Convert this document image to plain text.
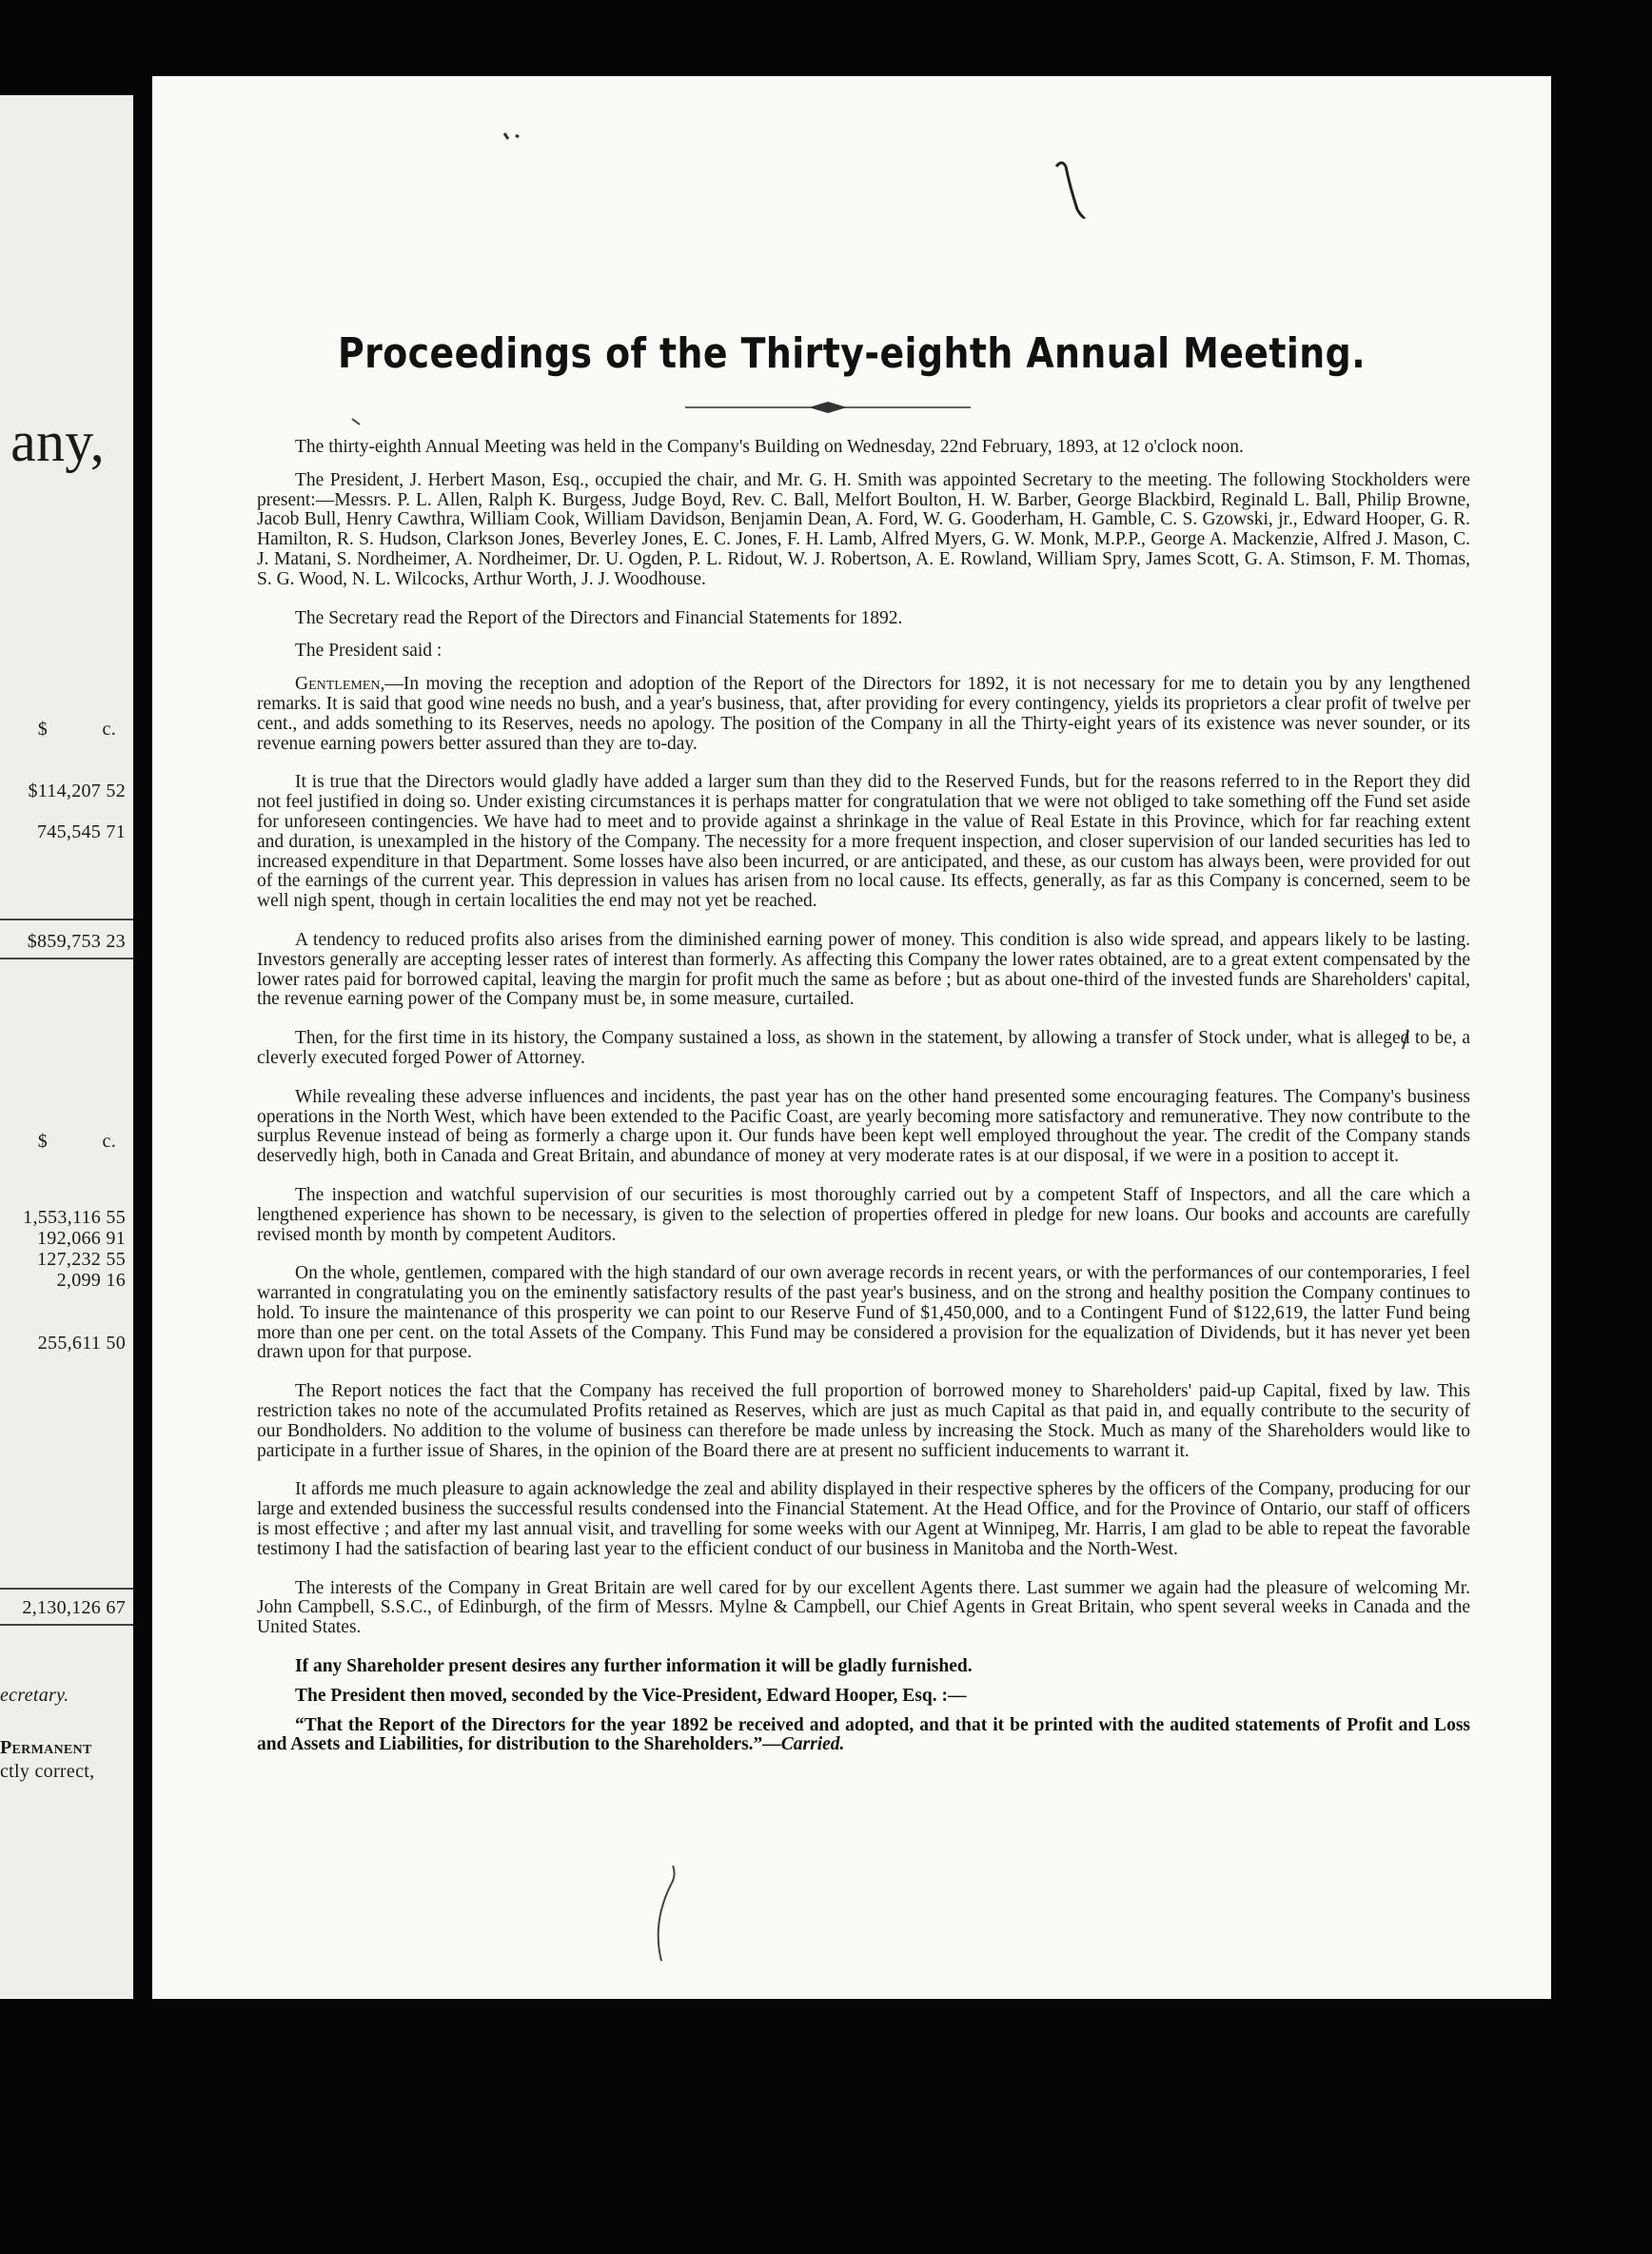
any,
$	c.
$114,207 52
745,545 71
$859,753 23
$	c.
1,553,116 55
192,066 91
127,232 55
2,099 16
255,611 50
2,130,126 67
ecretary.
Permanent
ctly correct,
Proceedings of the Thirty-eighth Annual Meeting.

The thirty-eighth Annual Meeting was held in the Company's Building on Wednesday, 22nd February, 1893, at 12 o'clock noon.

The President, J. Herbert Mason, Esq., occupied the chair, and Mr. G. H. Smith was appointed Secretary to the meeting. The following Stockholders were present:—Messrs. P. L. Allen, Ralph K. Burgess, Judge Boyd, Rev. C. Ball, Melfort Boulton, H. W. Barber, George Blackbird, Reginald L. Ball, Philip Browne, Jacob Bull, Henry Cawthra, William Cook, William Davidson, Benjamin Dean, A. Ford, W. G. Gooderham, H. Gamble, C. S. Gzowski, jr., Edward Hooper, G. R. Hamilton, R. S. Hudson, Clarkson Jones, Beverley Jones, E. C. Jones, F. H. Lamb, Alfred Myers, G. W. Monk, M.P.P., George A. Mackenzie, Alfred J. Mason, C. J. Matani, S. Nordheimer, A. Nordheimer, Dr. U. Ogden, P. L. Ridout, W. J. Robertson, A. E. Rowland, William Spry, James Scott, G. A. Stimson, F. M. Thomas, S. G. Wood, N. L. Wilcocks, Arthur Worth, J. J. Woodhouse.

The Secretary read the Report of the Directors and Financial Statements for 1892.

The President said :

Gentlemen,—In moving the reception and adoption of the Report of the Directors for 1892, it is not necessary for me to detain you by any lengthened remarks. It is said that good wine needs no bush, and a year's business, that, after providing for every contingency, yields its proprietors a clear profit of twelve per cent., and adds something to its Reserves, needs no apology. The position of the Company in all the Thirty-eight years of its existence was never sounder, or its revenue earning powers better assured than they are to-day.

It is true that the Directors would gladly have added a larger sum than they did to the Reserved Funds, but for the reasons referred to in the Report they did not feel justified in doing so. Under existing circumstances it is perhaps matter for congratulation that we were not obliged to take something off the Fund set aside for unforeseen contingencies. We have had to meet and to provide against a shrinkage in the value of Real Estate in this Province, which for far reaching extent and duration, is unexampled in the history of the Company. The necessity for a more frequent inspection, and closer supervision of our landed securities has led to increased expenditure in that Department. Some losses have also been incurred, or are anticipated, and these, as our custom has always been, were provided for out of the earnings of the current year. This depression in values has arisen from no local cause. Its effects, generally, as far as this Company is concerned, seem to be well nigh spent, though in certain localities the end may not yet be reached.

A tendency to reduced profits also arises from the diminished earning power of money. This condition is also wide spread, and appears likely to be lasting. Investors generally are accepting lesser rates of interest than formerly. As affecting this Company the lower rates obtained, are to a great extent compensated by the lower rates paid for borrowed capital, leaving the margin for profit much the same as before ; but as about one-third of the invested funds are Shareholders' capital, the revenue earning power of the Company must be, in some measure, curtailed.

Then, for the first time in its history, the Company sustained a loss, as shown in the statement, by allowing a transfer of Stock under, what is alleged to be, a cleverly executed forged Power of Attorney.

While revealing these adverse influences and incidents, the past year has on the other hand presented some encouraging features. The Company's business operations in the North West, which have been extended to the Pacific Coast, are yearly becoming more satisfactory and remunerative. They now contribute to the surplus Revenue instead of being as formerly a charge upon it. Our funds have been kept well employed throughout the year. The credit of the Company stands deservedly high, both in Canada and Great Britain, and abundance of money at very moderate rates is at our disposal, if we were in a position to accept it.

The inspection and watchful supervision of our securities is most thoroughly carried out by a competent Staff of Inspectors, and all the care which a lengthened experience has shown to be necessary, is given to the selection of properties offered in pledge for new loans. Our books and accounts are carefully revised month by month by competent Auditors.

On the whole, gentlemen, compared with the high standard of our own average records in recent years, or with the performances of our contemporaries, I feel warranted in congratulating you on the eminently satisfactory results of the past year's business, and on the strong and healthy position the Company continues to hold. To insure the maintenance of this prosperity we can point to our Reserve Fund of $1,450,000, and to a Contingent Fund of $122,619, the latter Fund being more than one per cent. on the total Assets of the Company. This Fund may be considered a provision for the equalization of Dividends, but it has never yet been drawn upon for that purpose.

The Report notices the fact that the Company has received the full proportion of borrowed money to Shareholders' paid-up Capital, fixed by law. This restriction takes no note of the accumulated Profits retained as Reserves, which are just as much Capital as that paid in, and equally contribute to the security of our Bondholders. No addition to the volume of business can therefore be made unless by increasing the Stock. Much as many of the Shareholders would like to participate in a further issue of Shares, in the opinion of the Board there are at present no sufficient inducements to warrant it.

It affords me much pleasure to again acknowledge the zeal and ability displayed in their respective spheres by the officers of the Company, producing for our large and extended business the successful results condensed into the Financial Statement. At the Head Office, and for the Province of Ontario, our staff of officers is most effective ; and after my last annual visit, and travelling for some weeks with our Agent at Winnipeg, Mr. Harris, I am glad to be able to repeat the favorable testimony I had the satisfaction of bearing last year to the efficient conduct of our business in Manitoba and the North-West.

The interests of the Company in Great Britain are well cared for by our excellent Agents there. Last summer we again had the pleasure of welcoming Mr. John Campbell, S.S.C., of Edinburgh, of the firm of Messrs. Mylne & Campbell, our Chief Agents in Great Britain, who spent several weeks in Canada and the United States.

If any Shareholder present desires any further information it will be gladly furnished.

The President then moved, seconded by the Vice-President, Edward Hooper, Esq. :—

“That the Report of the Directors for the year 1892 be received and adopted, and that it be printed with the audited statements of Profit and Loss and Assets and Liabilities, for distribution to the Shareholders.”—Carried.
